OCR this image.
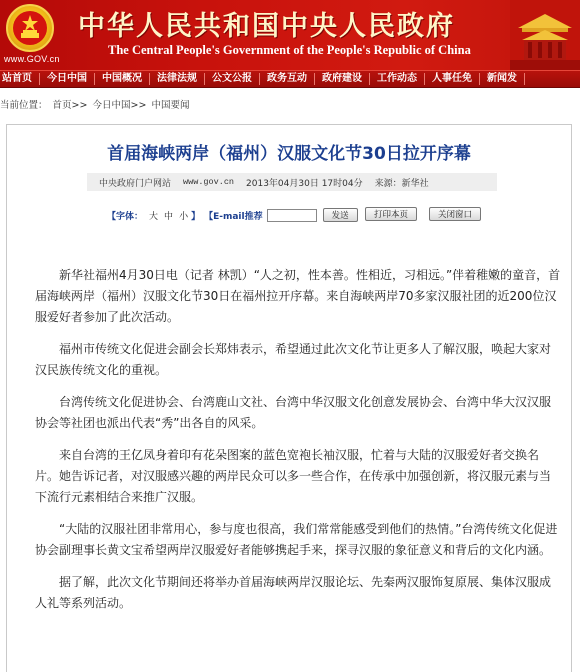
www.GOV.cn
中华人民共和国中央人民政府
The Central People's Government of the People's Republic of China
站首页	今日中国	中国概况	法律法规	公文公报	政务互动	政府建设	工作动态	人事任免	新闻发
当前位置： 首页>> 今日中国>> 中国要闻
首届海峡两岸（福州）汉服文化节30日拉开序幕
中央政府门户网站 www.gov.cn 2013年04月30日 17时04分 来源：新华社
【 字体： 大 中 小 】 【E-mail推荐	发送	打印本页	关闭窗口

新华社福州4月30日电（记者 林凯）“人之初，性本善。性相近，习相远。”伴着稚嫩的童音，首届海峡两岸（福州）汉服文化节30日在福州拉开序幕。来自海峡两岸70多家汉服社团的近200位汉服爱好者参加了此次活动。

福州市传统文化促进会副会长郑炜表示，希望通过此次文化节让更多人了解汉服，唤起大家对汉民族传统文化的重视。

台湾传统文化促进协会、台湾鹿山文社、台湾中华汉服文化创意发展协会、台湾中华大汉汉服协会等社团也派出代表“秀”出各自的风采。

来自台湾的王亿凤身着印有花朵图案的蓝色宽袍长袖汉服，忙着与大陆的汉服爱好者交换名片。她告诉记者，对汉服感兴趣的两岸民众可以多一些合作，在传承中加强创新，将汉服元素与当下流行元素相结合来推广汉服。

“大陆的汉服社团非常用心，参与度也很高，我们常常能感受到他们的热情。”台湾传统文化促进协会副理事长黄文宝希望两岸汉服爱好者能够携起手来，探寻汉服的象征意义和背后的文化内涵。

据了解，此次文化节期间还将举办首届海峡两岸汉服论坛、先秦两汉服饰复原展、集体汉服成人礼等系列活动。
